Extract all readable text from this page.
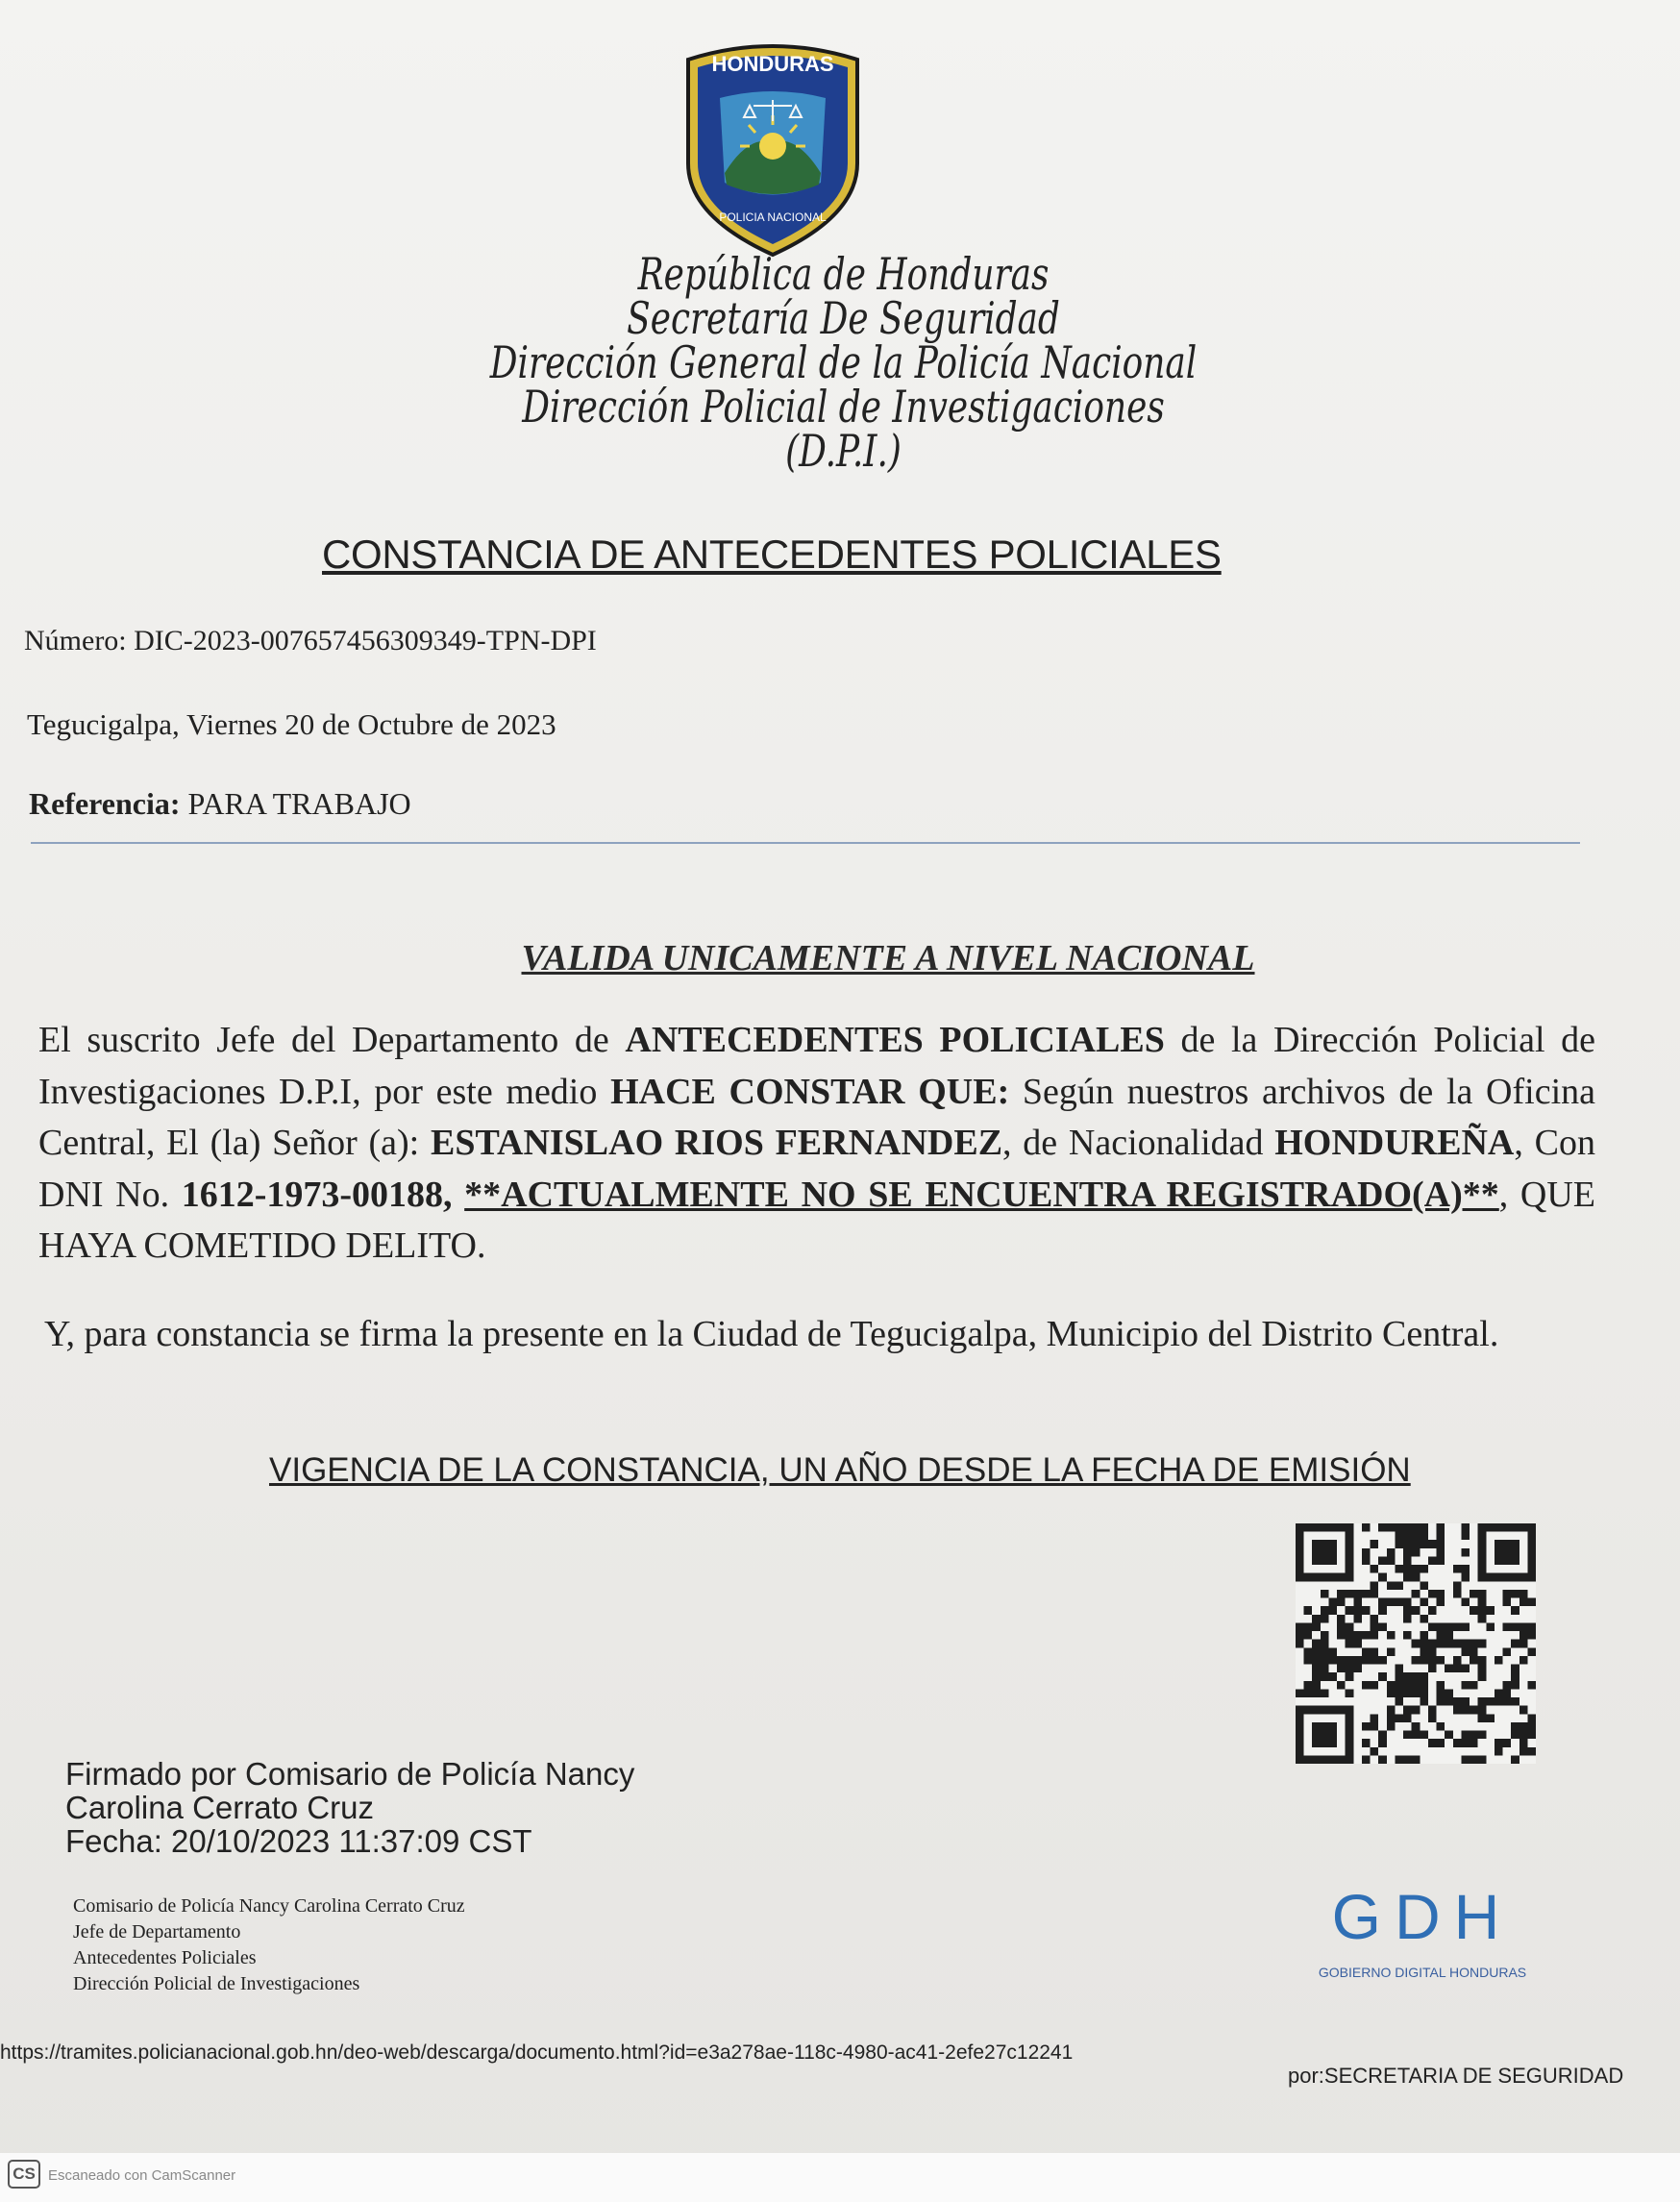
HONDURAS
POLICIA NACIONAL
República de Honduras
Secretaría De Seguridad
Dirección General de la Policía Nacional
Dirección Policial de Investigaciones
(D.P.I.)
CONSTANCIA DE ANTECEDENTES POLICIALES
Número: DIC-2023-007657456309349-TPN-DPI
Tegucigalpa, Viernes 20 de Octubre de 2023
Referencia: PARA TRABAJO
VALIDA UNICAMENTE A NIVEL NACIONAL
El suscrito Jefe del Departamento de ANTECEDENTES POLICIALES de la Dirección Policial de Investigaciones D.P.I, por este medio HACE CONSTAR QUE: Según nuestros archivos de la Oficina Central, El (la) Señor (a): ESTANISLAO RIOS FERNANDEZ, de Nacionalidad HONDUREÑA, Con DNI No. 1612-1973-00188, **ACTUALMENTE NO SE ENCUENTRA REGISTRADO(A)**, QUE HAYA COMETIDO DELITO.
Y, para constancia se firma la presente en la Ciudad de Tegucigalpa, Municipio del Distrito Central.
VIGENCIA DE LA CONSTANCIA, UN AÑO DESDE LA FECHA DE EMISIÓN
Firmado por Comisario de Policía Nancy
Carolina Cerrato Cruz
Fecha: 20/10/2023 11:37:09 CST
Comisario de Policía Nancy Carolina Cerrato Cruz
Jefe de Departamento
Antecedentes Policiales
Dirección Policial de Investigaciones
GDH
GOBIERNO DIGITAL HONDURAS
https://tramites.policianacional.gob.hn/deo-web/descarga/documento.html?id=e3a278ae-118c-4980-ac41-2efe27c12241
por:SECRETARIA DE SEGURIDAD
CS Escaneado con CamScanner
